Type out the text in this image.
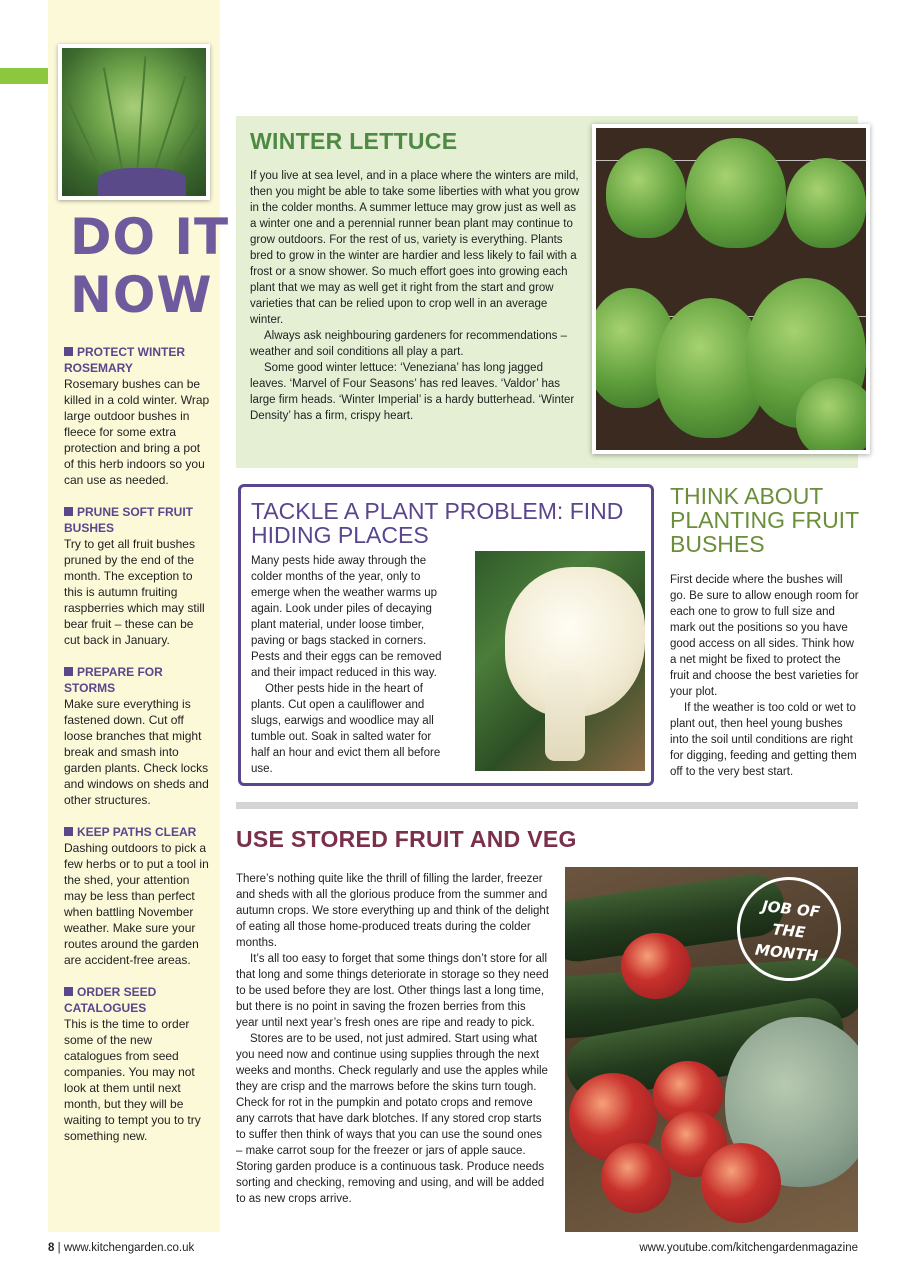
DO IT
NOW
PROTECT WINTER ROSEMARY
Rosemary bushes can be killed in a cold winter. Wrap large outdoor bushes in fleece for some extra protection and bring a pot of this herb indoors so you can use as needed.
PRUNE SOFT FRUIT BUSHES
Try to get all fruit bushes pruned by the end of the month. The exception to this is autumn fruiting raspberries which may still bear fruit – these can be cut back in January.
PREPARE FOR STORMS
Make sure everything is fastened down. Cut off loose branches that might break and smash into garden plants. Check locks and windows on sheds and other structures.
KEEP PATHS CLEAR
Dashing outdoors to pick a few herbs or to put a tool in the shed, your attention may be less than perfect when battling November weather. Make sure your routes around the garden are accident-free areas.
ORDER SEED CATALOGUES
This is the time to order some of the new catalogues from seed companies. You may not look at them until next month, but they will be waiting to tempt you to try something new.
WINTER LETTUCE

If you live at sea level, and in a place where the winters are mild, then you might be able to take some liberties with what you grow in the colder months. A summer lettuce may grow just as well as a winter one and a perennial runner bean plant may continue to grow outdoors. For the rest of us, variety is everything. Plants bred to grow in the winter are hardier and less likely to fail with a frost or a snow shower. So much effort goes into growing each plant that we may as well get it right from the start and grow varieties that can be relied upon to crop well in an average winter.

Always ask neighbouring gardeners for recommendations – weather and soil conditions all play a part.

Some good winter lettuce: ‘Veneziana’ has long jagged leaves. ‘Marvel of Four Seasons’ has red leaves. ‘Valdor’ has large firm heads. ‘Winter Imperial’ is a hardy butterhead. ‘Winter Density’ has a firm, crispy heart.

TACKLE A PLANT PROBLEM: FIND HIDING PLACES

Many pests hide away through the colder months of the year, only to emerge when the weather warms up again. Look under piles of decaying plant material, under loose timber, paving or bags stacked in corners. Pests and their eggs can be removed and their impact reduced in this way.

Other pests hide in the heart of plants. Cut open a cauliflower and slugs, earwigs and woodlice may all tumble out. Soak in salted water for half an hour and evict them all before use.

THINK ABOUT PLANTING FRUIT BUSHES

First decide where the bushes will go. Be sure to allow enough room for each one to grow to full size and mark out the positions so you have good access on all sides. Think how a net might be fixed to protect the fruit and choose the best varieties for your plot.

If the weather is too cold or wet to plant out, then heel young bushes into the soil until conditions are right for digging, feeding and getting them off to the very best start.

USE STORED FRUIT AND VEG

There’s nothing quite like the thrill of filling the larder, freezer and sheds with all the glorious produce from the summer and autumn crops. We store everything up and think of the delight of eating all those home-produced treats during the colder months.

It’s all too easy to forget that some things don’t store for all that long and some things deteriorate in storage so they need to be used before they are lost. Other things last a long time, but there is no point in saving the frozen berries from this year until next year’s fresh ones are ripe and ready to pick.

Stores are to be used, not just admired. Start using what you need now and continue using supplies through the next weeks and months. Check regularly and use the apples while they are crisp and the marrows before the skins turn tough. Check for rot in the pumpkin and potato crops and remove any carrots that have dark blotches. If any stored crop starts to suffer then think of ways that you can use the sound ones – make carrot soup for the freezer or jars of apple sauce. Storing garden produce is a continuous task. Produce needs sorting and checking, removing and using, and will be added to as new crops arrive.

JOB OF
THE
MONTH
8 | www.kitchengarden.co.uk	www.youtube.com/kitchengardenmagazine
